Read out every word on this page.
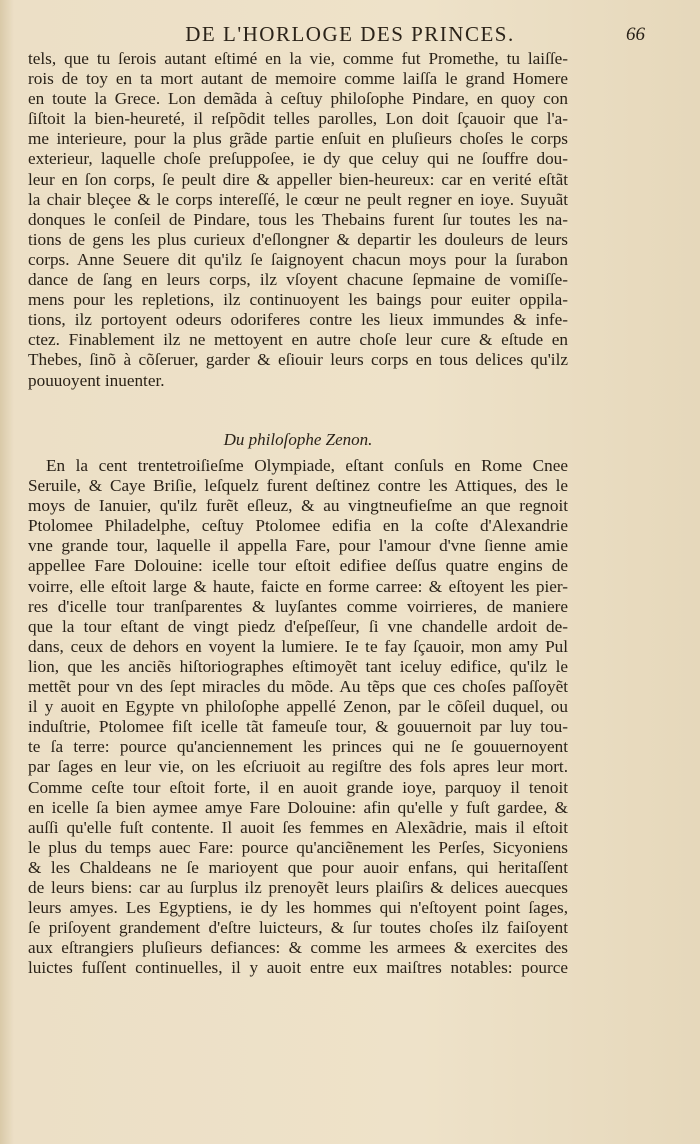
DE L'HORLOGE DES PRINCES.	66
tels, que tu ſerois autant eſtimé en la vie, comme fut Promethe, tu laiſſe-
rois de toy en ta mort autant de memoire comme laiſſa le grand Homere
en toute la Grece. Lon demãda à ceſtuy philoſophe Pindare, en quoy con
ſiſtoit la bien-heureté, il reſpõdit telles parolles, Lon doit ſçauoir que l'a-
me interieure, pour la plus grãde partie enſuit en pluſieurs choſes le corps
exterieur, laquelle choſe preſuppoſee, ie dy que celuy qui ne ſouffre dou-
leur en ſon corps, ſe peult dire & appeller bien-heureux: car en verité eſtãt
la chair bleçee & le corps intereſſé, le cœur ne peult regner en ioye. Suyuãt
donques le conſeil de Pindare, tous les Thebains furent ſur toutes les na-
tions de gens les plus curieux d'eſlongner & departir les douleurs de leurs
corps. Anne Seuere dit qu'ilz ſe ſaignoyent chacun moys pour la ſurabon
dance de ſang en leurs corps, ilz vſoyent chacune ſepmaine de vomiſſe-
mens pour les repletions, ilz continuoyent les baings pour euiter oppila-
tions, ilz portoyent odeurs odoriferes contre les lieux immundes & infe-
ctez. Finablement ilz ne mettoyent en autre choſe leur cure & eſtude en
Thebes, ſinõ à cõſeruer, garder & eſiouir leurs corps en tous delices qu'ilz
pouuoyent inuenter.
Du philoſophe Zenon.
En la cent trentetroiſieſme Olympiade, eſtant conſuls en Rome Cnee
Seruile, & Caye Briſie, leſquelz furent deſtinez contre les Attiques, des le
moys de Ianuier, qu'ilz furẽt eſleuz, & au vingtneufieſme an que regnoit
Ptolomee Philadelphe, ceſtuy Ptolomee edifia en la coſte d'Alexandrie
vne grande tour, laquelle il appella Fare, pour l'amour d'vne ſienne amie
appellee Fare Dolouine: icelle tour eſtoit edifiee deſſus quatre engins de
voirre, elle eſtoit large & haute, faicte en forme carree: & eſtoyent les pier-
res d'icelle tour tranſparentes & luyſantes comme voirrieres, de maniere
que la tour eſtant de vingt piedz d'eſpeſſeur, ſi vne chandelle ardoit de-
dans, ceux de dehors en voyent la lumiere. Ie te fay ſçauoir, mon amy Pul
lion, que les anciẽs hiſtoriographes eſtimoyẽt tant iceluy edifice, qu'ilz le
mettẽt pour vn des ſept miracles du mõde. Au tẽps que ces choſes paſſoyẽt
il y auoit en Egypte vn philoſophe appellé Zenon, par le cõſeil duquel, ou
induſtrie, Ptolomee fiſt icelle tãt fameuſe tour, & gouuernoit par luy tou-
te ſa terre: pource qu'anciennement les princes qui ne ſe gouuernoyent
par ſages en leur vie, on les eſcriuoit au regiſtre des fols apres leur mort.
Comme ceſte tour eſtoit forte, il en auoit grande ioye, parquoy il tenoit
en icelle ſa bien aymee amye Fare Dolouine: afin qu'elle y fuſt gardee, &
auſſi qu'elle fuſt contente. Il auoit ſes femmes en Alexãdrie, mais il eſtoit
le plus du temps auec Fare: pource qu'anciẽnement les Perſes, Sicyoniens
& les Chaldeans ne ſe marioyent que pour auoir enfans, qui heritaſſent
de leurs biens: car au ſurplus ilz prenoyẽt leurs plaiſirs & delices auecques
leurs amyes. Les Egyptiens, ie dy les hommes qui n'eſtoyent point ſages,
ſe priſoyent grandement d'eſtre luicteurs, & ſur toutes choſes ilz faiſoyent
aux eſtrangiers pluſieurs defiances: & comme les armees & exercites des
luictes fuſſent continuelles, il y auoit entre eux maiſtres notables: pource
